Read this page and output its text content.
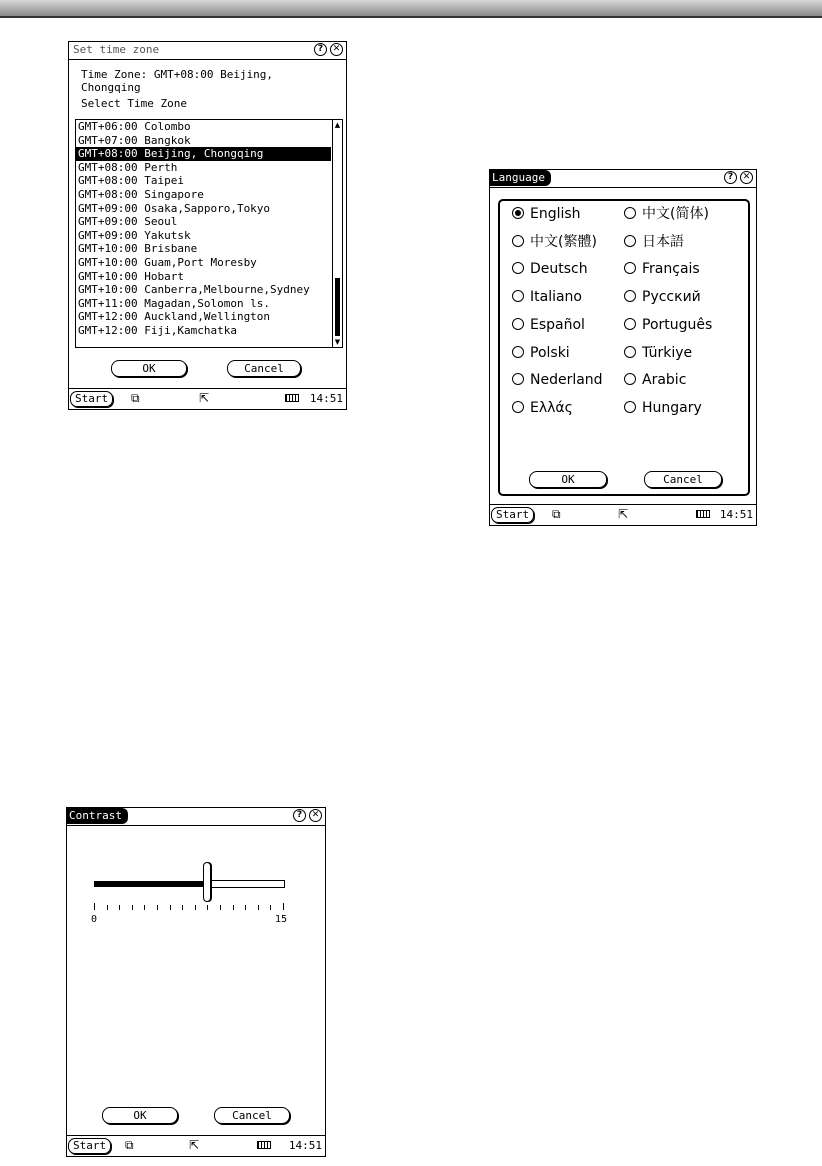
Set time zone	?	✕
Time Zone: GMT+08:00 Beijing,
Chongqing
Select Time Zone
GMT+06:00 Colombo
GMT+07:00 Bangkok
GMT+08:00 Beijing, Chongqing
GMT+08:00 Perth
GMT+08:00 Taipei
GMT+08:00 Singapore
GMT+09:00 Osaka,Sapporo,Tokyo
GMT+09:00 Seoul
GMT+09:00 Yakutsk
GMT+10:00 Brisbane
GMT+10:00 Guam,Port Moresby
GMT+10:00 Hobart
GMT+10:00 Canberra,Melbourne,Sydney
GMT+11:00 Magadan,Solomon ls.
GMT+12:00 Auckland,Wellington
GMT+12:00 Fiji,Kamchatka
▲
▼
OK	Cancel
Start	⧉	⇱	14:51
Language	?	✕
English	中文(简体)
中文(繁體)	日本語
Deutsch	Français
Italiano	Русский
Español	Português
Polski	Türkiye
Nederland	Arabic
Ελλάς	Hungary
OK	Cancel
Start	⧉	⇱	14:51
Contrast	?	✕
0	15
OK	Cancel
Start	⧉	⇱	14:51
